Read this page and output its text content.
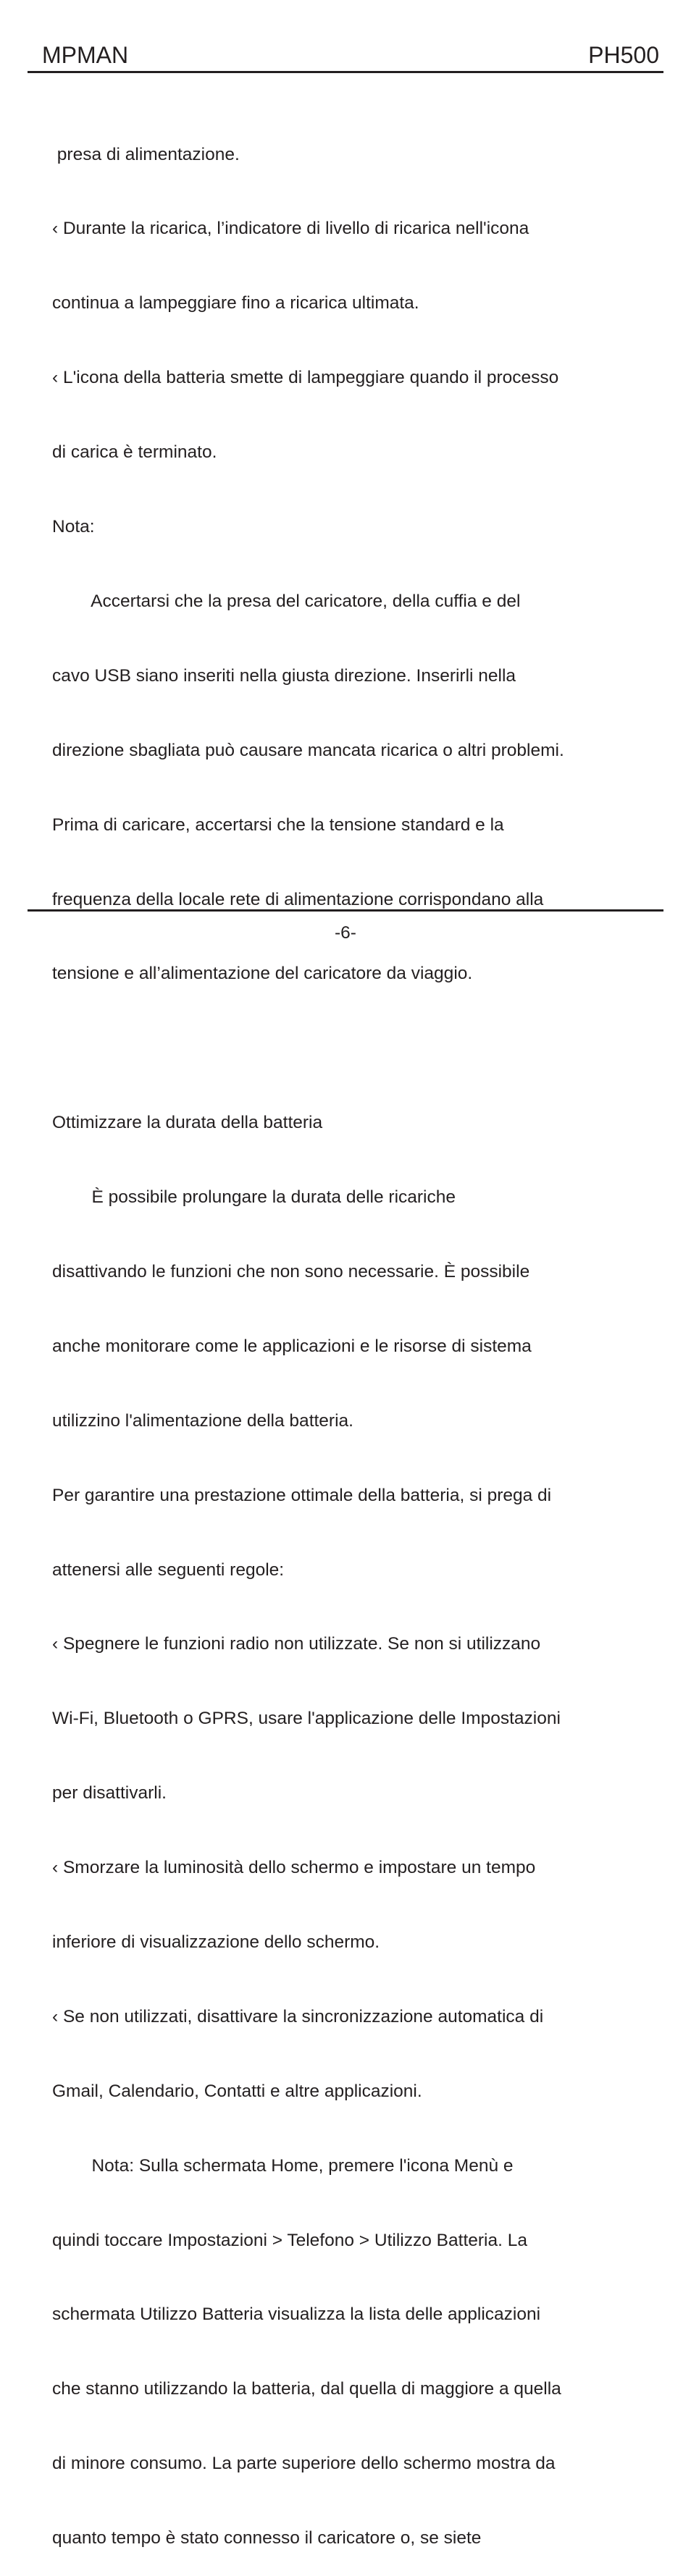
MPMAN	PH500

presa di alimentazione.

‹ Durante la ricarica, l’indicatore di livello di ricarica nell'icona

continua a lampeggiare fino a ricarica ultimata.

‹ L'icona della batteria smette di lampeggiare quando il processo

di carica è terminato.

Nota:

Accertarsi che la presa del caricatore, della cuffia e del

cavo USB siano inseriti nella giusta direzione. Inserirli nella

direzione sbagliata può causare mancata ricarica o altri problemi.

Prima di caricare, accertarsi che la tensione standard e la

frequenza della locale rete di alimentazione corrispondano alla

tensione e all’alimentazione del caricatore da viaggio.

Ottimizzare la durata della batteria

È possibile prolungare la durata delle ricariche

disattivando le funzioni che non sono necessarie. È possibile

anche monitorare come le applicazioni e le risorse di sistema

utilizzino l'alimentazione della batteria.

Per garantire una prestazione ottimale della batteria, si prega di

attenersi alle seguenti regole:

‹ Spegnere le funzioni radio non utilizzate. Se non si utilizzano

Wi-Fi, Bluetooth o GPRS, usare l'applicazione delle Impostazioni

per disattivarli.

‹ Smorzare la luminosità dello schermo e impostare un tempo

inferiore di visualizzazione dello schermo.

‹ Se non utilizzati, disattivare la sincronizzazione automatica di

Gmail, Calendario, Contatti e altre applicazioni.

Nota: Sulla schermata Home, premere l'icona Menù e

quindi toccare Impostazioni > Telefono > Utilizzo Batteria. La

schermata Utilizzo Batteria visualizza la lista delle applicazioni

che stanno utilizzando la batteria, dal quella di maggiore a quella

di minore consumo. La parte superiore dello schermo mostra da

quanto tempo è stato connesso il caricatore o, se siete

-6-
